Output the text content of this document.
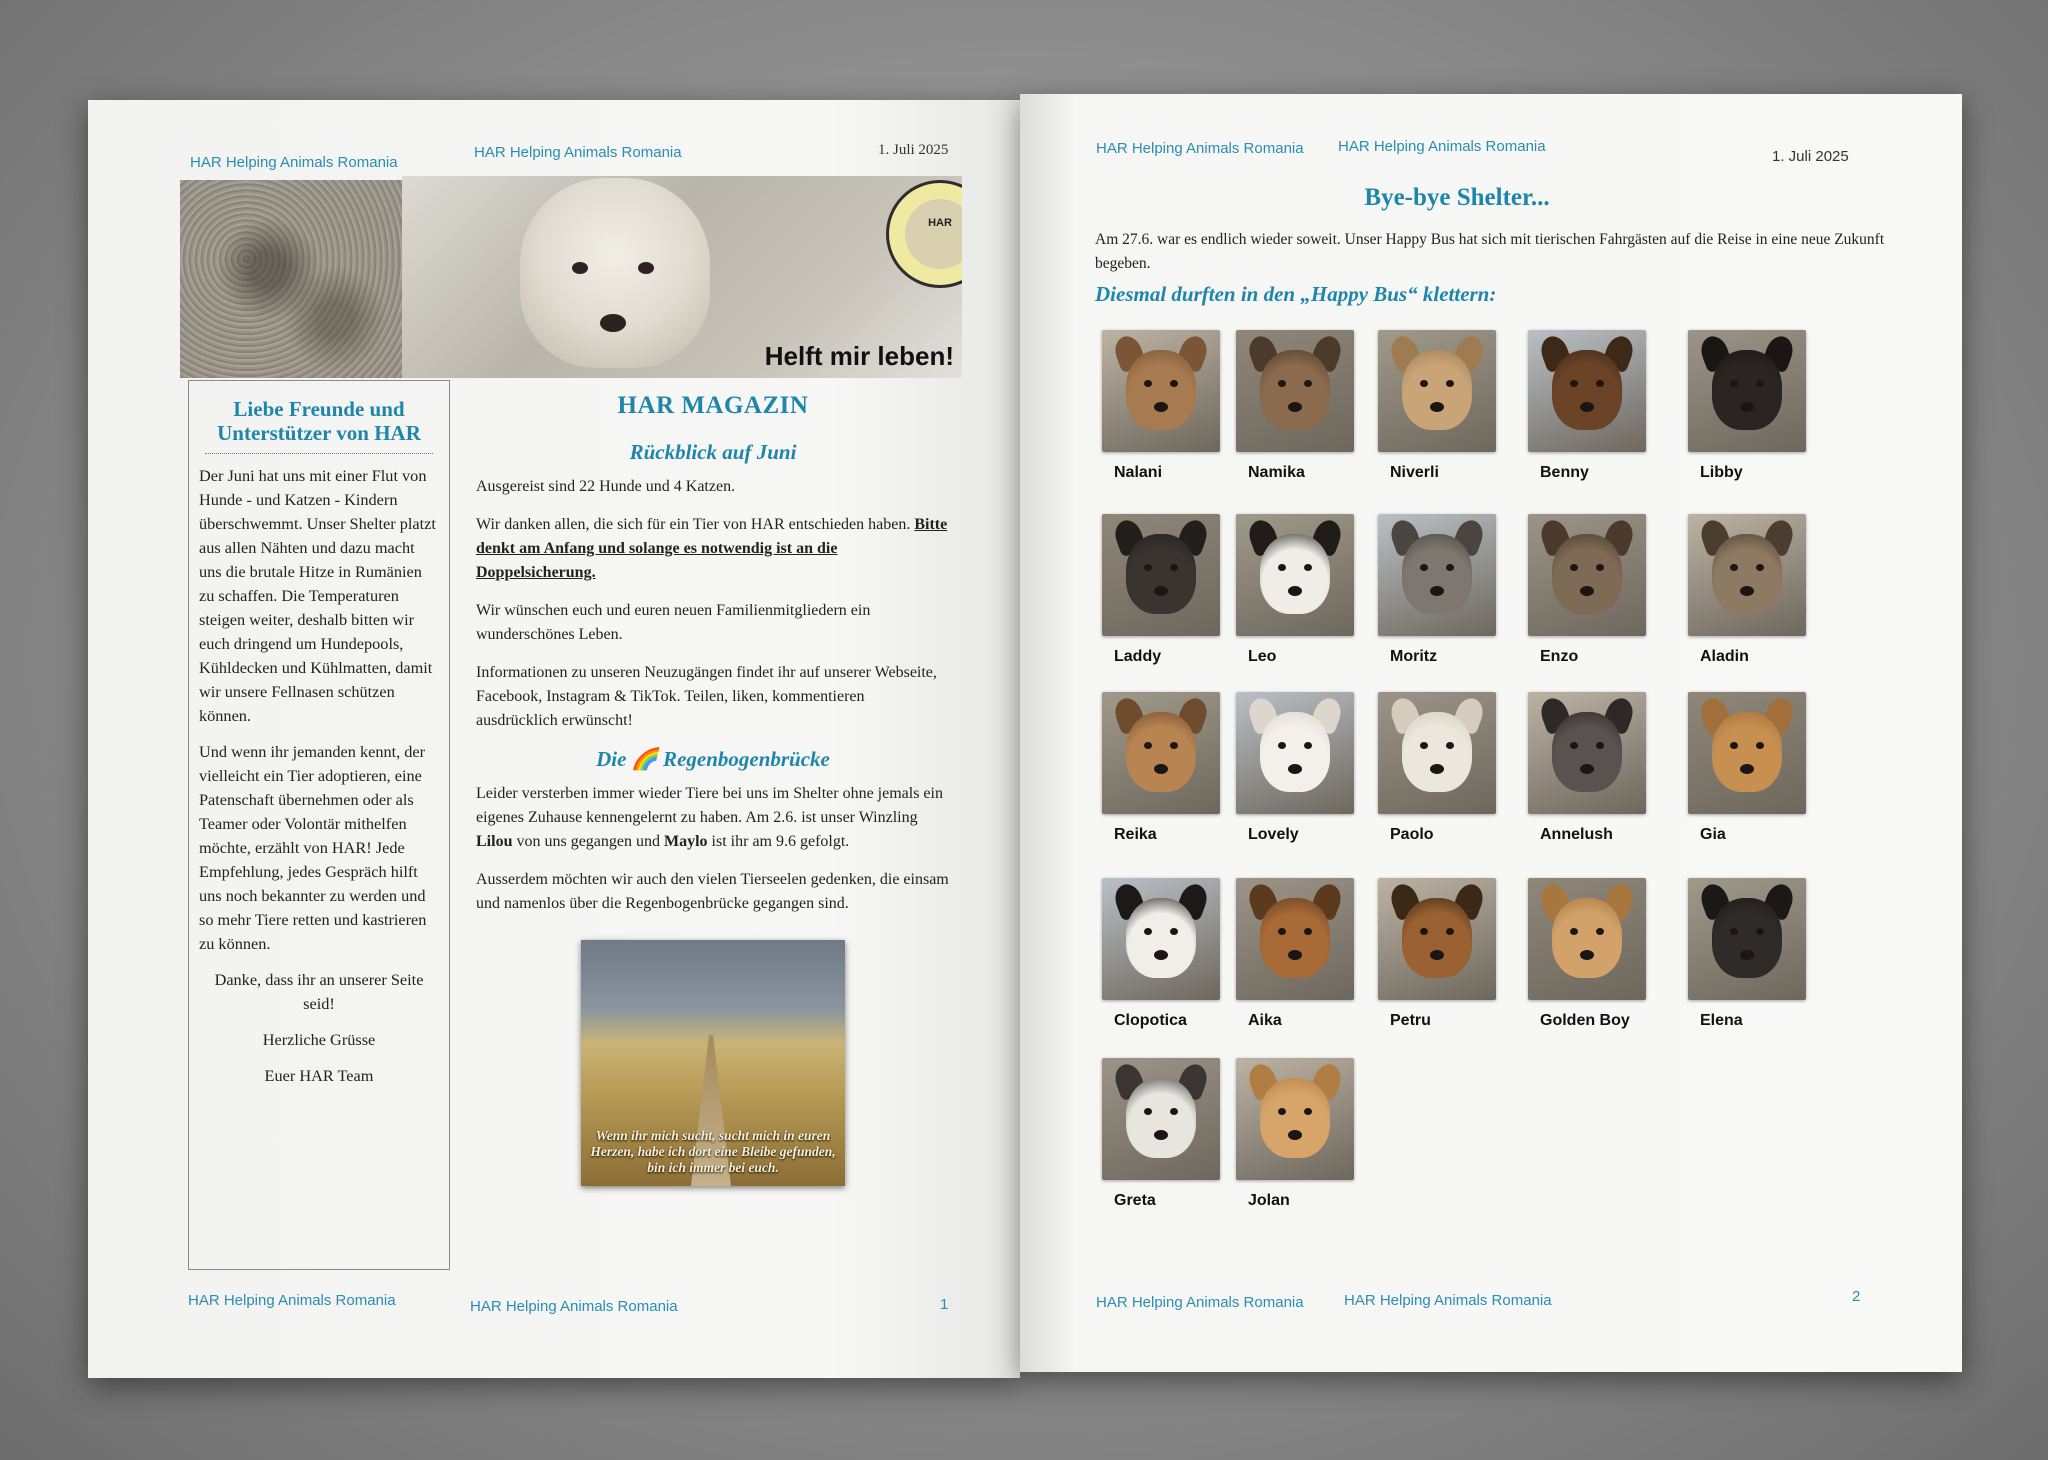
HAR Helping Animals Romania
HAR Helping Animals Romania	1. Juli 2025
HAR
Helft mir leben!
Liebe Freunde und Unterstützer von HAR

Der Juni hat uns mit einer Flut von Hunde - und Katzen - Kindern überschwemmt. Unser Shelter platzt aus allen Nähten und dazu macht uns die brutale Hitze in Rumänien zu schaffen. Die Temperaturen steigen weiter, deshalb bitten wir euch dringend um Hundepools, Kühldecken und Kühlmatten, damit wir unsere Fellnasen schützen können.

Und wenn ihr jemanden kennt, der vielleicht ein Tier adoptieren, eine Patenschaft übernehmen oder als Teamer oder Volontär mithelfen möchte, erzählt von HAR! Jede Empfehlung, jedes Gespräch hilft uns noch bekannter zu werden und so mehr Tiere retten und kastrieren zu können.

Danke, dass ihr an unserer Seite seid!

Herzliche Grüsse

Euer HAR Team

HAR MAGAZIN
Rückblick auf Juni

Ausgereist sind 22 Hunde und 4 Katzen.

Wir danken allen, die sich für ein Tier von HAR entschieden haben. Bitte denkt am Anfang und solange es notwendig ist an die Doppelsicherung.

Wir wünschen euch und euren neuen Familienmitgliedern ein wunderschönes Leben.

Informationen zu unseren Neuzugängen findet ihr auf unserer Webseite, Facebook, Instagram & TikTok. Teilen, liken, kommentieren ausdrücklich erwünscht!

Die 🌈 Regenbogenbrücke

Leider versterben immer wieder Tiere bei uns im Shelter ohne jemals ein eigenes Zuhause kennengelernt zu haben. Am 2.6. ist unser Winzling Lilou von uns gegangen und Maylo ist ihr am 9.6 gefolgt.

Ausserdem möchten wir auch den vielen Tierseelen gedenken, die einsam und namenlos über die Regenbogenbrücke gegangen sind.

Wenn ihr mich sucht, sucht mich in euren Herzen, habe ich dort eine Bleibe gefunden, bin ich immer bei euch.
HAR Helping Animals Romania	HAR Helping Animals Romania	1
HAR Helping Animals Romania HAR Helping Animals Romania
1. Juli 2025
HAR Helping Animals Romania	HAR Helping Animals Romania	2
Bye-bye Shelter...
Am 27.6. war es endlich wieder soweit. Unser Happy Bus hat sich mit tierischen Fahrgästen auf die Reise in eine neue Zukunft begeben.
Diesmal durften in den „Happy Bus“ klettern:
Nalani	Namika	Niverli	Benny	Libby
Laddy	Leo	Moritz	Enzo	Aladin
Reika	Lovely	Paolo	Annelush	Gia
Clopotica	Aika	Petru	Golden Boy	Elena
Greta	Jolan
